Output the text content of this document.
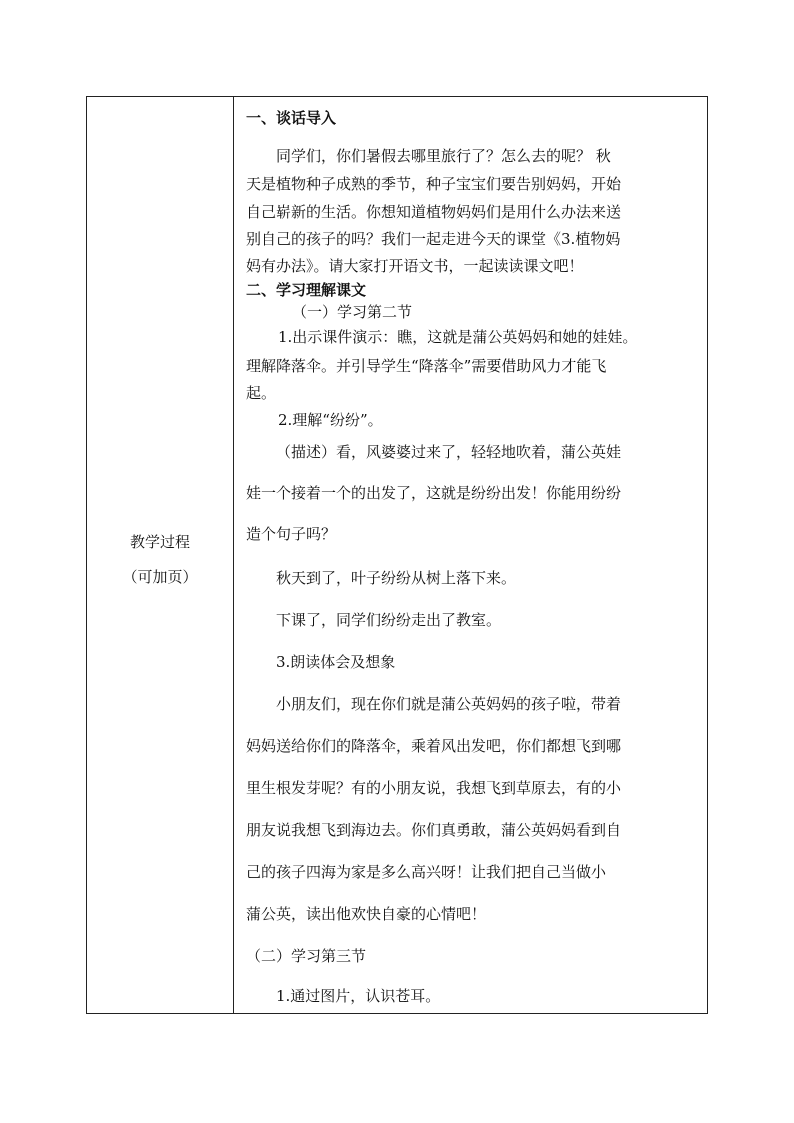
教学过程
（可加页）
一、谈话导入
同学们，你们暑假去哪里旅行了？怎么去的呢？ 秋
天是植物种子成熟的季节，种子宝宝们要告别妈妈，开始
自己崭新的生活。你想知道植物妈妈们是用什么办法来送
别自己的孩子的吗？我们一起走进今天的课堂《3.植物妈
妈有办法》。请大家打开语文书，一起读读课文吧！
二、学习理解课文
（一）学习第二节
1.出示课件演示：瞧，这就是蒲公英妈妈和她的娃娃。
理解降落伞。并引导学生“降落伞”需要借助风力才能飞
起。
2.理解“纷纷”。
（描述）看，风婆婆过来了，轻轻地吹着，蒲公英娃
娃一个接着一个的出发了，这就是纷纷出发！你能用纷纷
造个句子吗？
秋天到了，叶子纷纷从树上落下来。
下课了，同学们纷纷走出了教室。
3.朗读体会及想象
小朋友们，现在你们就是蒲公英妈妈的孩子啦，带着
妈妈送给你们的降落伞，乘着风出发吧，你们都想飞到哪
里生根发芽呢？有的小朋友说，我想飞到草原去，有的小
朋友说我想飞到海边去。你们真勇敢，蒲公英妈妈看到自
己的孩子四海为家是多么高兴呀！让我们把自己当做小
蒲公英，读出他欢快自豪的心情吧！
（二）学习第三节
1.通过图片，认识苍耳。
